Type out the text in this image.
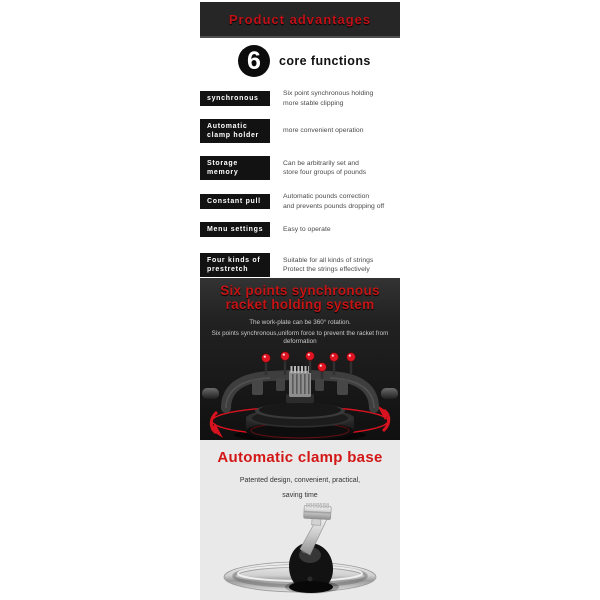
Product advantages
6 core functions
synchronous
Six point synchronous holding
more stable clipping
Automatic clamp holder
more convenient operation
Storage memory
Can be arbitrarily set and
store four groups of pounds
Constant pull
Automatic pounds correction
and prevents pounds dropping off
Menu settings	Easy to operate
Four kinds of prestretch
Suitable for all kinds of strings
Protect the strings effectively

Six points synchronous
racket holding system

The work-plate can be 360° rotation.

Six points synchronous,uniform force to prevent the racket from deformation

Automatic clamp base

Patented design, convenient, practical,

saving time
